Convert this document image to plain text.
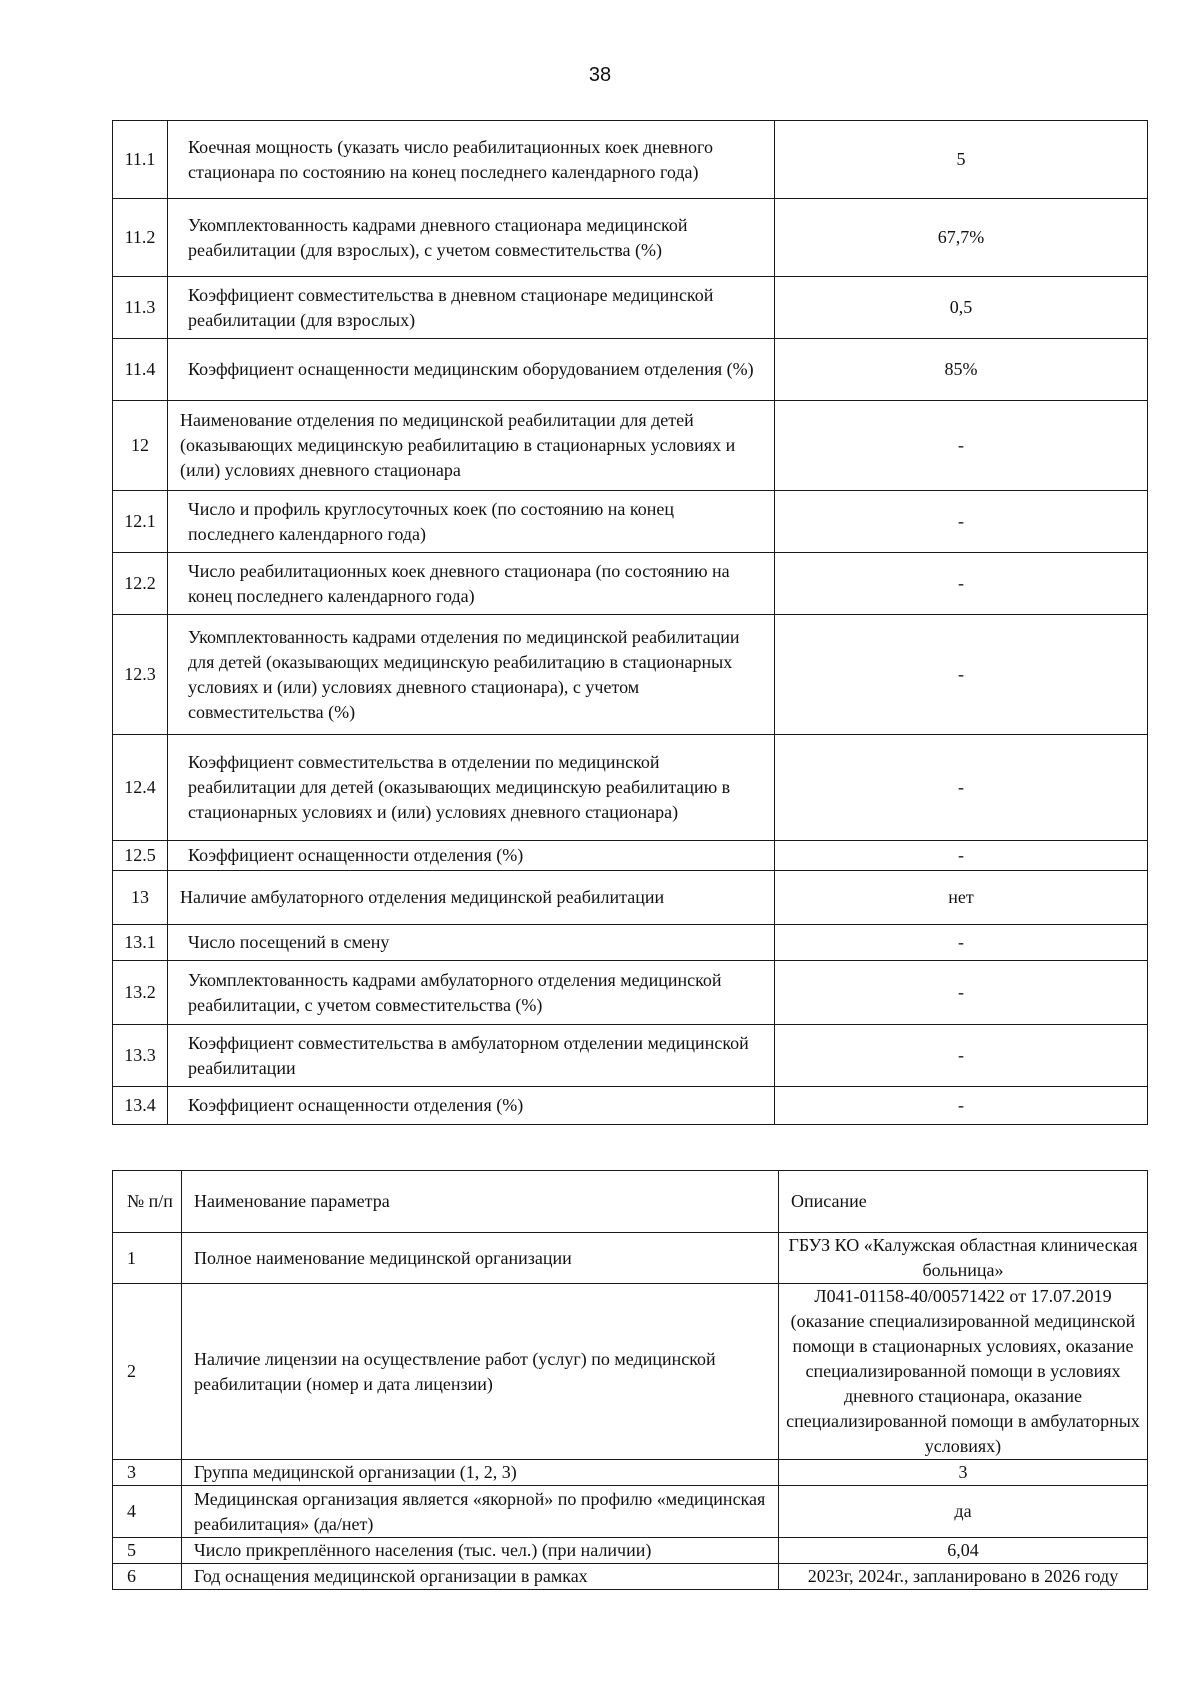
38
11.1	Коечная мощность (указать число реабилитационных коек дневного стационара по состоянию на конец последнего календарного года)	5
11.2	Укомплектованность кадрами дневного стационара медицинской реабилитации (для взрослых), с учетом совместительства (%)	67,7%
11.3	Коэффициент совместительства в дневном стационаре медицинской реабилитации (для взрослых)	0,5
11.4	Коэффициент оснащенности медицинским оборудованием отделения (%)	85%
12	Наименование отделения по медицинской реабилитации для детей (оказывающих медицинскую реабилитацию в стационарных условиях и (или) условиях дневного стационара	-
12.1	Число и профиль круглосуточных коек (по состоянию на конец последнего календарного года)	-
12.2	Число реабилитационных коек дневного стационара (по состоянию на конец последнего календарного года)	-
12.3	Укомплектованность кадрами отделения по медицинской реабилитации для детей (оказывающих медицинскую реабилитацию в стационарных условиях и (или) условиях дневного стационара), с учетом совместительства (%)	-
12.4	Коэффициент совместительства в отделении по медицинской реабилитации для детей (оказывающих медицинскую реабилитацию в стационарных условиях и (или) условиях дневного стационара)	-
12.5	Коэффициент оснащенности отделения (%)	-
13	Наличие амбулаторного отделения медицинской реабилитации	нет
13.1	Число посещений в смену	-
13.2	Укомплектованность кадрами амбулаторного отделения медицинской реабилитации, с учетом совместительства (%)	-
13.3	Коэффициент совместительства в амбулаторном отделении медицинской реабилитации	-
13.4	Коэффициент оснащенности отделения (%)	-
№ п/п	Наименование параметра	Описание
1	Полное наименование медицинской организации	ГБУЗ КО «Калужская областная клиническая больница»
2	Наличие лицензии на осуществление работ (услуг) по медицинской реабилитации (номер и дата лицензии)	Л041-01158-40/00571422 от 17.07.2019
(оказание специализированной медицинской помощи в стационарных условиях, оказание специализированной помощи в условиях дневного стационара, оказание специализированной помощи в амбулаторных условиях)

3	Группа медицинской организации (1, 2, 3)	3
4	Медицинская организация является «якорной» по профилю «медицинская реабилитация» (да/нет)	да
5	Число прикреплённого населения (тыс. чел.) (при наличии)	6,04
6	Год оснащения медицинской организации в рамках	2023г, 2024г., запланировано в 2026 году
